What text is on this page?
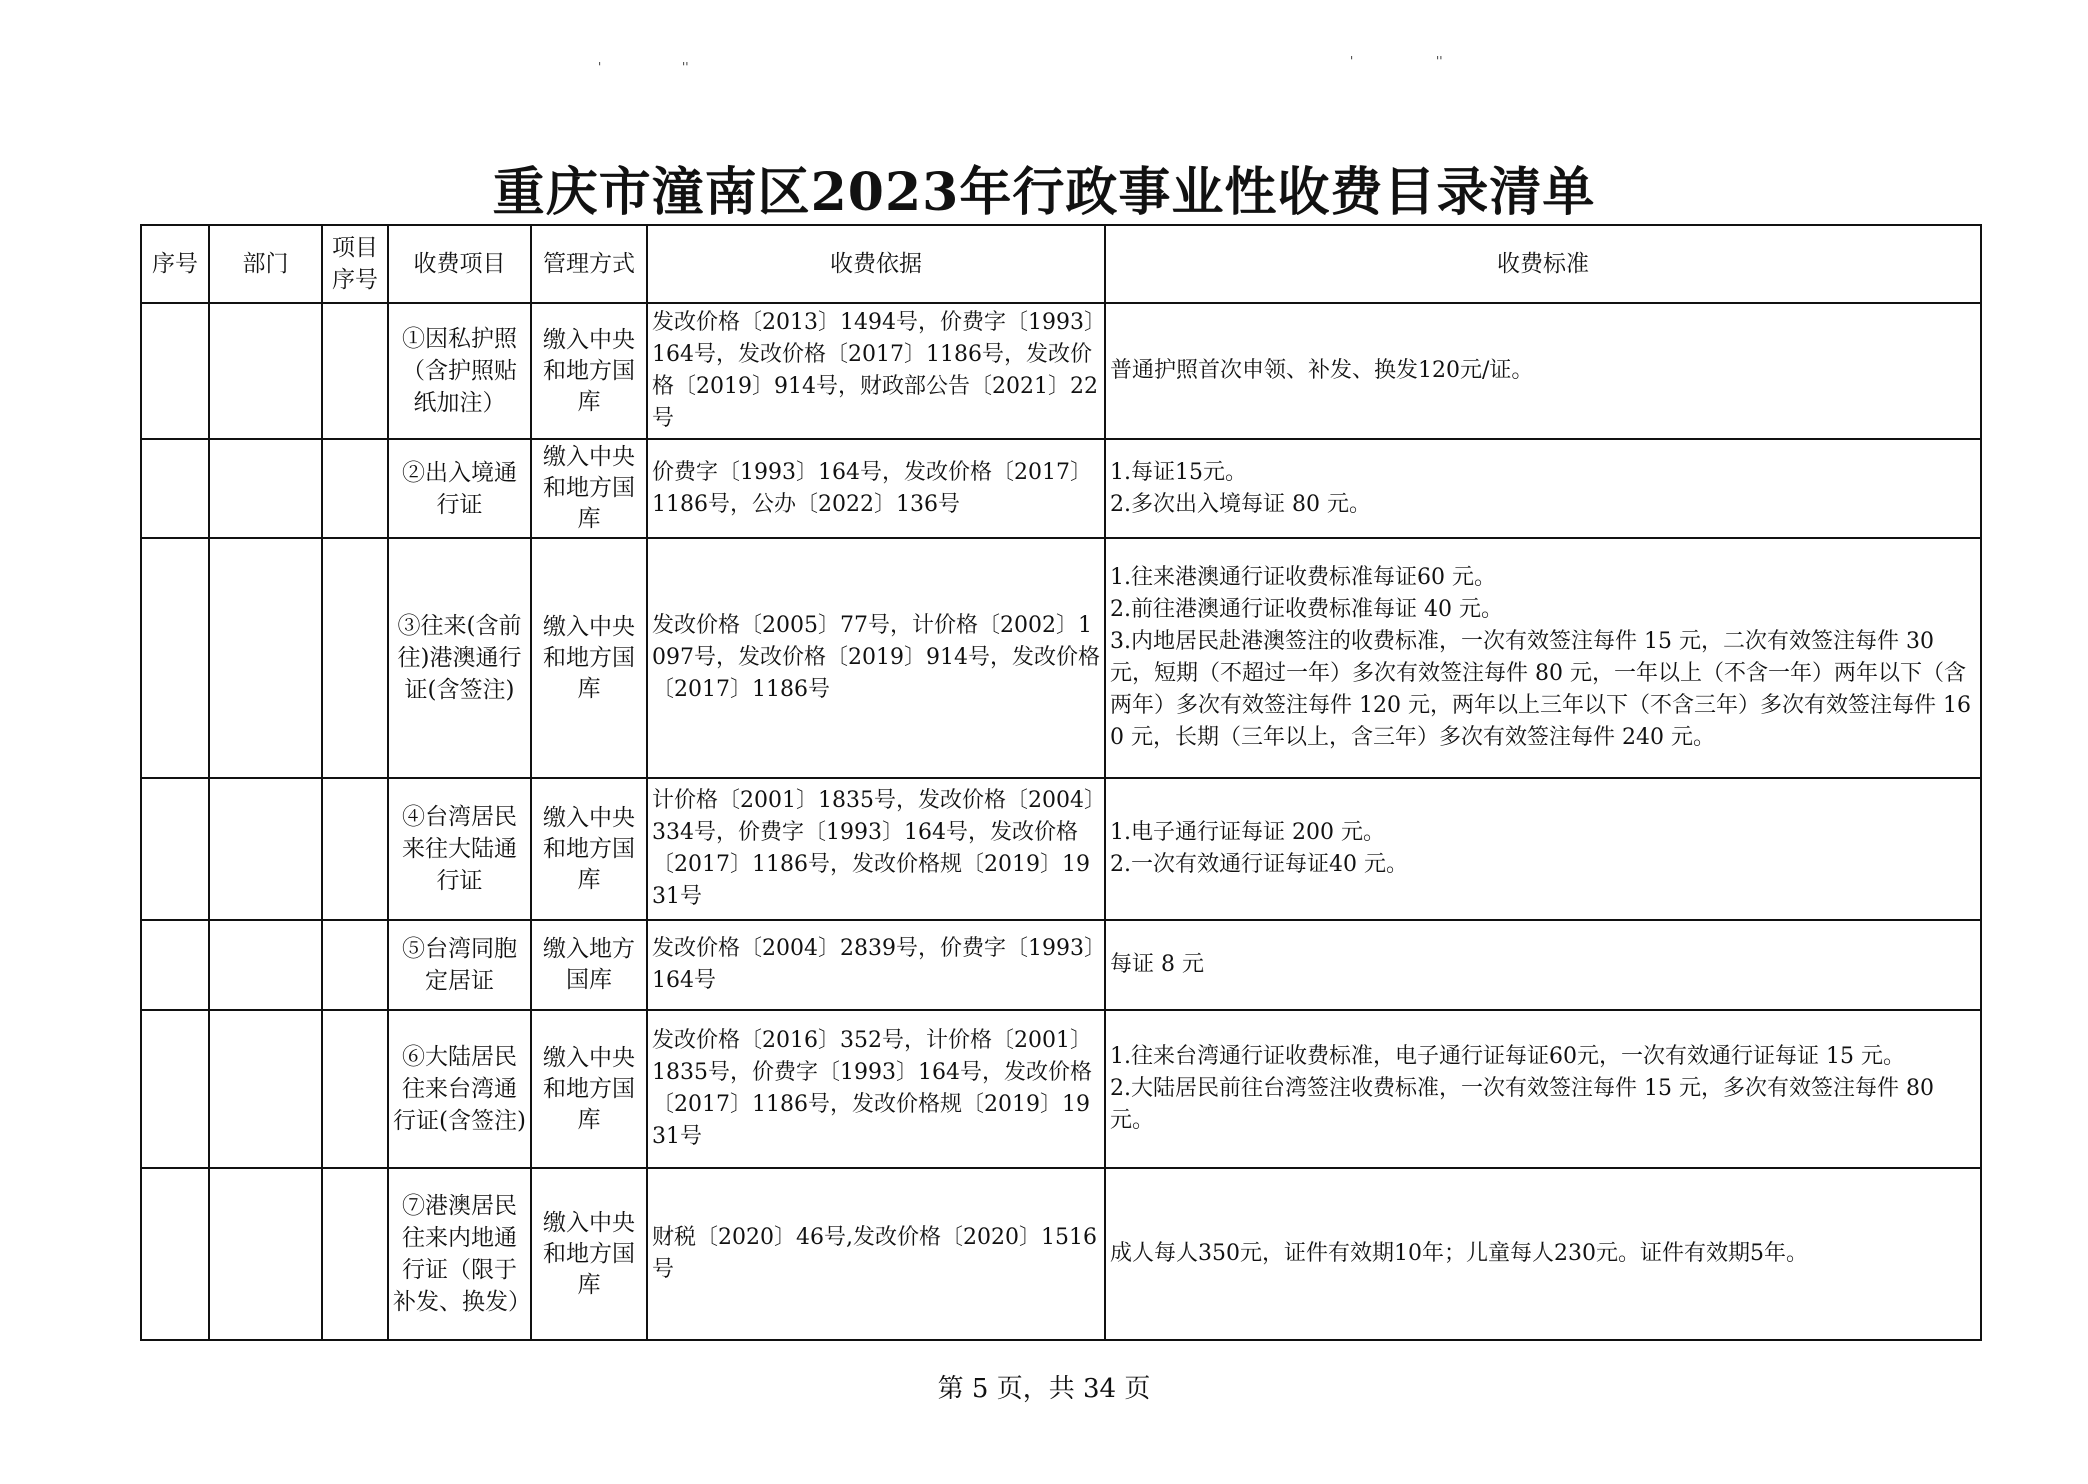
'	''	'	''
重庆市潼南区2023年行政事业性收费目录清单
序号	部门	项目序号	收费项目	管理方式	收费依据	收费标准
			①因私护照（含护照贴纸加注）	缴入中央和地方国库	发改价格〔2013〕1494号，价费字〔1993〕164号，发改价格〔2017〕1186号，发改价格〔2019〕914号，财政部公告〔2021〕22号	普通护照首次申领、补发、换发120元/证。
			②出入境通行证	缴入中央和地方国库	价费字〔1993〕164号，发改价格〔2017〕1186号，公办〔2022〕136号	1.每证15元。
2.多次出入境每证 80 元。
			③往来(含前往)港澳通行证(含签注)	缴入中央和地方国库	发改价格〔2005〕77号，计价格〔2002〕1097号，发改价格〔2019〕914号，发改价格〔2017〕1186号	1.往来港澳通行证收费标准每证60 元。
2.前往港澳通行证收费标准每证 40 元。
3.内地居民赴港澳签注的收费标准，一次有效签注每件 15 元，二次有效签注每件 30 元，短期（不超过一年）多次有效签注每件 80 元，一年以上（不含一年）两年以下（含两年）多次有效签注每件 120 元，两年以上三年以下（不含三年）多次有效签注每件 160 元，长期（三年以上，含三年）多次有效签注每件 240 元。
			④台湾居民来往大陆通行证	缴入中央和地方国库	计价格〔2001〕1835号，发改价格〔2004〕334号，价费字〔1993〕164号，发改价格〔2017〕1186号，发改价格规〔2019〕1931号	1.电子通行证每证 200 元。
2.一次有效通行证每证40 元。
			⑤台湾同胞定居证	缴入地方国库	发改价格〔2004〕2839号，价费字〔1993〕164号	每证 8 元
			⑥大陆居民往来台湾通行证(含签注)	缴入中央和地方国库	发改价格〔2016〕352号，计价格〔2001〕1835号，价费字〔1993〕164号，发改价格〔2017〕1186号，发改价格规〔2019〕1931号	1.往来台湾通行证收费标准，电子通行证每证60元，一次有效通行证每证 15 元。
2.大陆居民前往台湾签注收费标准，一次有效签注每件 15 元，多次有效签注每件 80 元。
			⑦港澳居民往来内地通行证（限于补发、换发）	缴入中央和地方国库	财税〔2020〕46号,发改价格〔2020〕1516号	成人每人350元，证件有效期10年；儿童每人230元。证件有效期5年。
第 5 页，共 34 页
